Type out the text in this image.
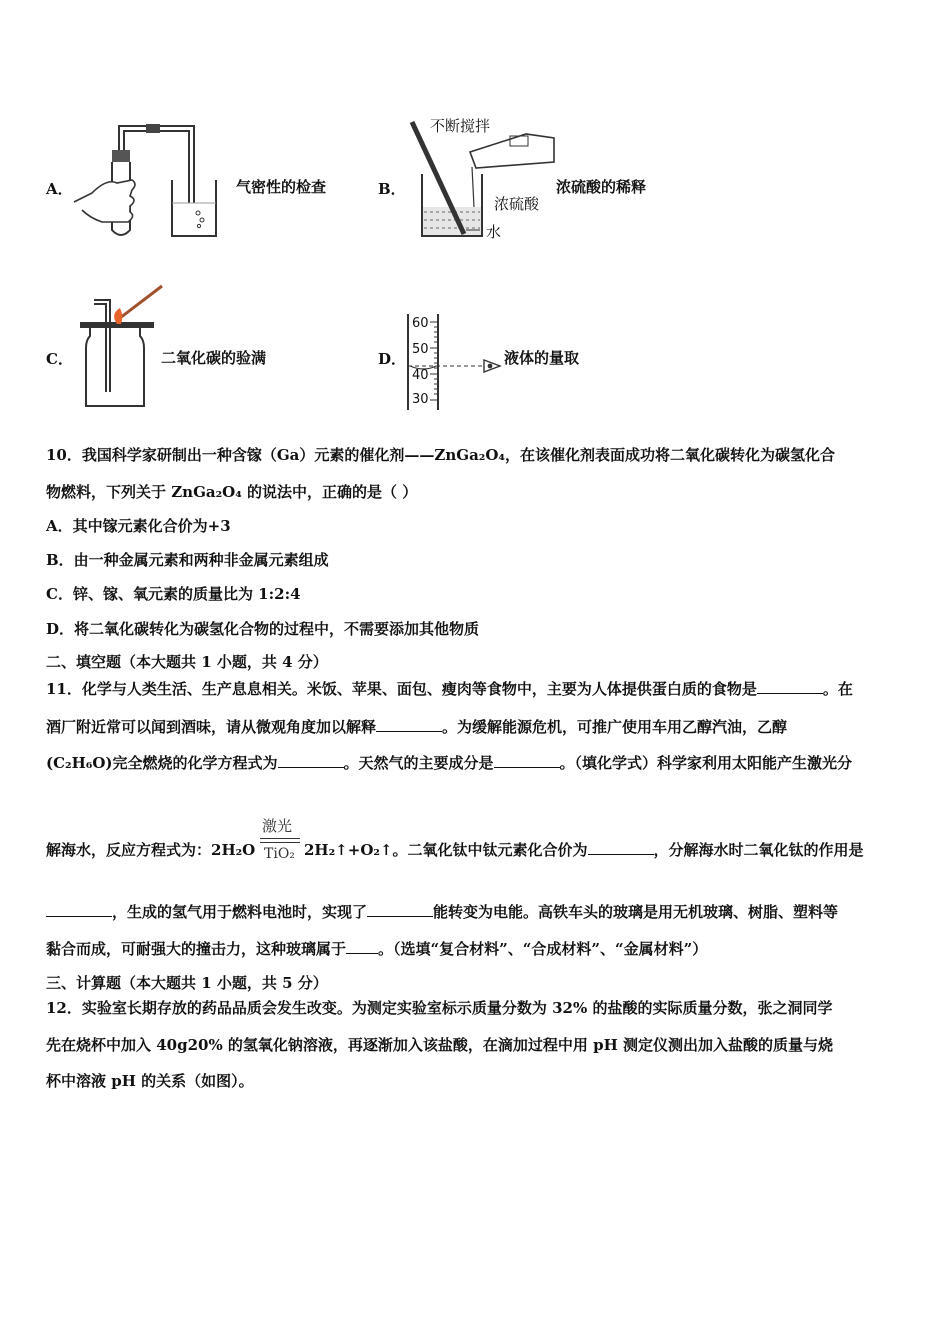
A．	气密性的检查	B．
不断搅拌
浓硫酸
水
浓硫酸的稀释
C．	二氧化碳的验满	D．
60
50
40
30
液体的量取
10．我国科学家研制出一种含镓（Ga）元素的催化剂——ZnGa₂O₄，在该催化剂表面成功将二氧化碳转化为碳氢化合
物燃料，下列关于 ZnGa₂O₄ 的说法中，正确的是（ ）
A．其中镓元素化合价为+3
B．由一种金属元素和两种非金属元素组成
C．锌、镓、氧元素的质量比为 1:2:4
D．将二氧化碳转化为碳氢化合物的过程中，不需要添加其他物质
二、填空题（本大题共 1 小题，共 4 分）
11．化学与人类生活、生产息息相关。米饭、苹果、面包、瘦肉等食物中，主要为人体提供蛋白质的食物是	。在
酒厂附近常可以闻到酒味，请从微观角度加以解释	。为缓解能源危机，可推广使用车用乙醇汽油，乙醇
(C₂H₆O)完全燃烧的化学方程式为	。天然气的主要成分是	。（填化学式）科学家利用太阳能产生激光分
激光
TiO₂
解海水，反应方程式为：2H₂O	2H₂↑+O₂↑。二氧化钛中钛元素化合价为	，分解海水时二氧化钛的作用是
，生成的氢气用于燃料电池时，实现了	能转变为电能。高铁车头的玻璃是用无机玻璃、树脂、塑料等
黏合而成，可耐强大的撞击力，这种玻璃属于 。（选填“复合材料”、“合成材料”、“金属材料”）
三、计算题（本大题共 1 小题，共 5 分）
12．实验室长期存放的药品品质会发生改变。为测定实验室标示质量分数为 32% 的盐酸的实际质量分数，张之洞同学
先在烧杯中加入 40g20% 的氢氧化钠溶液，再逐渐加入该盐酸，在滴加过程中用 pH 测定仪测出加入盐酸的质量与烧
杯中溶液 pH 的关系（如图）。
